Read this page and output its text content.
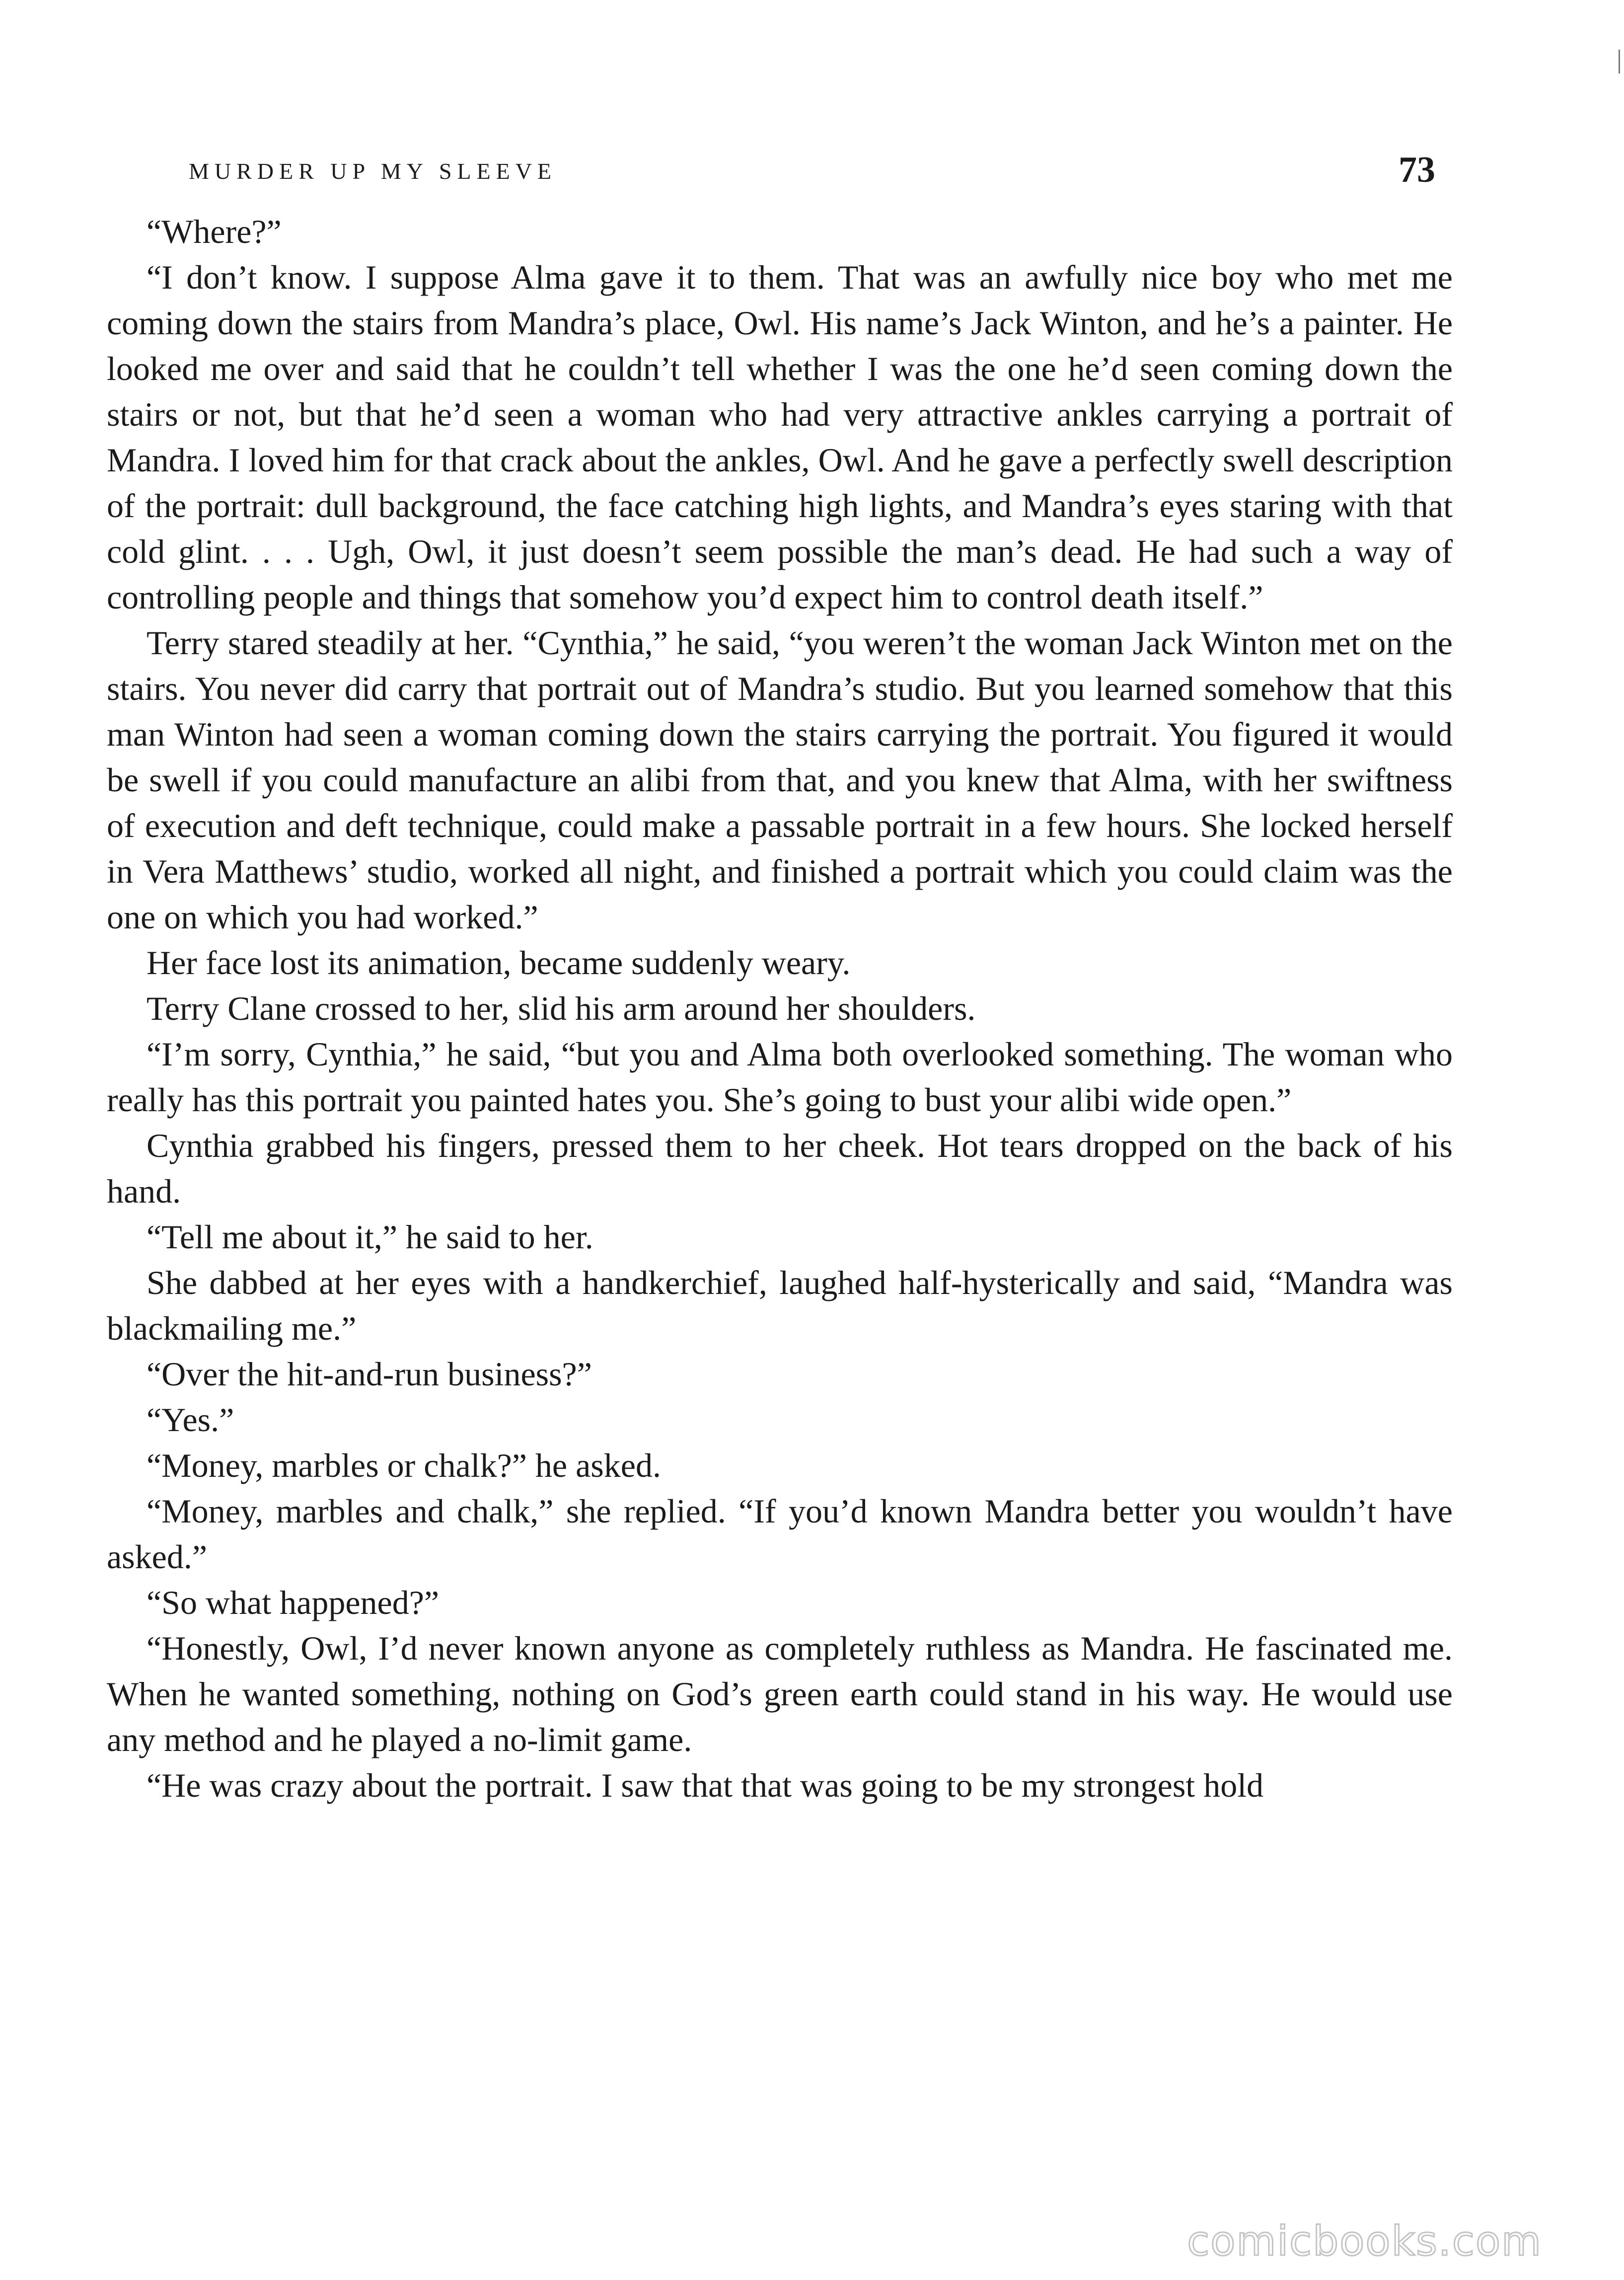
MURDER UP MY SLEEVE	73

“Where?”

“I don’t know. I suppose Alma gave it to them. That was an awfully nice boy who met me coming down the stairs from Mandra’s place, Owl. His name’s Jack Winton, and he’s a painter. He looked me over and said that he couldn’t tell whether I was the one he’d seen coming down the stairs or not, but that he’d seen a woman who had very attractive ankles carrying a portrait of Mandra. I loved him for that crack about the ankles, Owl. And he gave a perfectly swell description of the portrait: dull background, the face catching high lights, and Mandra’s eyes staring with that cold glint. . . . Ugh, Owl, it just doesn’t seem possible the man’s dead. He had such a way of controlling people and things that somehow you’d expect him to control death itself.”

Terry stared steadily at her. “Cynthia,” he said, “you weren’t the woman Jack Winton met on the stairs. You never did carry that portrait out of Mandra’s studio. But you learned somehow that this man Winton had seen a woman coming down the stairs carrying the portrait. You figured it would be swell if you could manufacture an alibi from that, and you knew that Alma, with her swiftness of execution and deft technique, could make a passable portrait in a few hours. She locked herself in Vera Matthews’ studio, worked all night, and finished a portrait which you could claim was the one on which you had worked.”

Her face lost its animation, became suddenly weary.

Terry Clane crossed to her, slid his arm around her shoulders.

“I’m sorry, Cynthia,” he said, “but you and Alma both overlooked something. The woman who really has this portrait you painted hates you. She’s going to bust your alibi wide open.”

Cynthia grabbed his fingers, pressed them to her cheek. Hot tears dropped on the back of his hand.

“Tell me about it,” he said to her.

She dabbed at her eyes with a handkerchief, laughed half-hysterically and said, “Mandra was blackmailing me.”

“Over the hit-and-run business?”

“Yes.”

“Money, marbles or chalk?” he asked.

“Money, marbles and chalk,” she replied. “If you’d known Mandra better you wouldn’t have asked.”

“So what happened?”

“Honestly, Owl, I’d never known anyone as completely ruthless as Mandra. He fascinated me. When he wanted something, nothing on God’s green earth could stand in his way. He would use any method and he played a no-limit game.

“He was crazy about the portrait. I saw that that was going to be my strongest hold

comicbooks.com
